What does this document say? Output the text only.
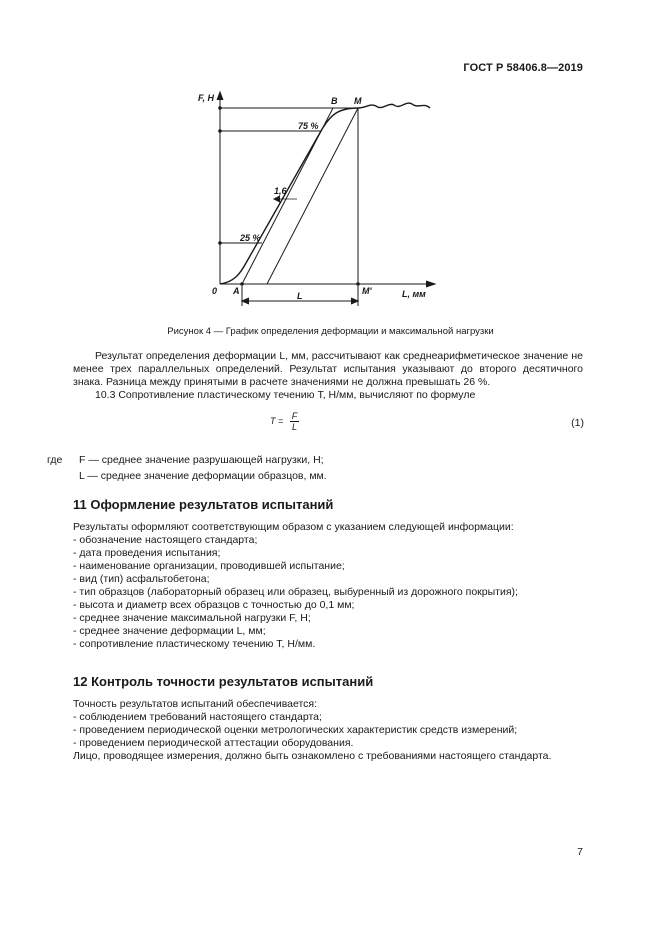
ГОСТ Р 58406.8—2019
F, Н	B M
75 %
1,6
25 %
0 A	M'	L, мм
L
Рисунок 4 — График определения деформации и максимальной нагрузки
Результат определения деформации L, мм, рассчитывают как среднеарифметическое значение не менее трех параллельных определений. Результат испытания указывают до второго десятичного знака. Разница между принятыми в расчете значениями не должна превышать 26 %.
10.3 Сопротивление пластическому течению T, Н/мм, вычисляют по формуле
$T = \frac{F}{L}$	(1)
где F — среднее значение разрушающей нагрузки, Н;
L — среднее значение деформации образцов, мм.
11 Оформление результатов испытаний
Результаты оформляют соответствующим образом с указанием следующей информации:
- обозначение настоящего стандарта;
- дата проведения испытания;
- наименование организации, проводившей испытание;
- вид (тип) асфальтобетона;
- тип образцов (лабораторный образец или образец, выбуренный из дорожного покрытия);
- высота и диаметр всех образцов с точностью до 0,1 мм;
- среднее значение максимальной нагрузки F, Н;
- среднее значение деформации L, мм;
- сопротивление пластическому течению T, Н/мм.
12 Контроль точности результатов испытаний
Точность результатов испытаний обеспечивается:
- соблюдением требований настоящего стандарта;
- проведением периодической оценки метрологических характеристик средств измерений;
- проведением периодической аттестации оборудования.
Лицо, проводящее измерения, должно быть ознакомлено с требованиями настоящего стандарта.
7
